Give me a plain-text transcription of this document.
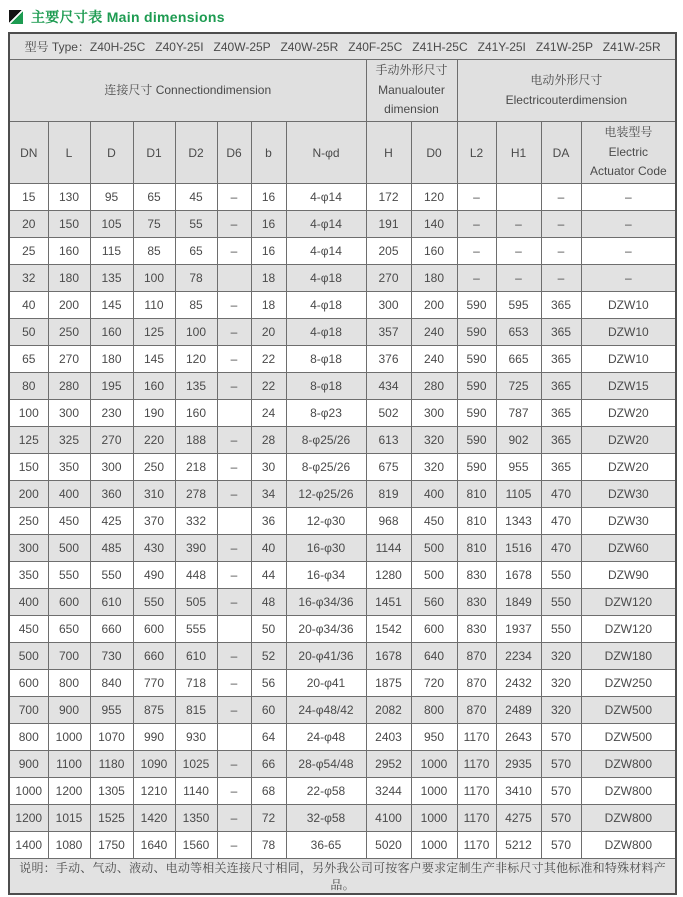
主要尺寸表 Main dimensions
型号 Type：Z40H-25C   Z40Y-25I   Z40W-25P   Z40W-25R   Z40F-25C   Z41H-25C   Z41Y-25I   Z41W-25P   Z41W-25R													

连接尺寸 Connectiondimension

手动外形尺寸
Manualouter
dimension

电动外形尺寸
Electricouterdimension

DN	L	D	D1	D2	D6	b	N-φd	H	D0	L2	H1	DA	电装型号
Electric
Actuator Code

15	130	95	65	45	–	16	4-φ14	172	120	–		–	–
20	150	105	75	55	–	16	4-φ14	191	140	–	–	–	–
25	160	115	85	65	–	16	4-φ14	205	160	–	–	–	–
32	180	135	100	78		18	4-φ18	270	180	–	–	–	–
40	200	145	110	85	–	18	4-φ18	300	200	590	595	365	DZW10
50	250	160	125	100	–	20	4-φ18	357	240	590	653	365	DZW10
65	270	180	145	120	–	22	8-φ18	376	240	590	665	365	DZW10
80	280	195	160	135	–	22	8-φ18	434	280	590	725	365	DZW15
100	300	230	190	160		24	8-φ23	502	300	590	787	365	DZW20
125	325	270	220	188	–	28	8-φ25/26	613	320	590	902	365	DZW20
150	350	300	250	218	–	30	8-φ25/26	675	320	590	955	365	DZW20
200	400	360	310	278	–	34	12-φ25/26	819	400	810	1105	470	DZW30
250	450	425	370	332		36	12-φ30	968	450	810	1343	470	DZW30
300	500	485	430	390	–	40	16-φ30	1144	500	810	1516	470	DZW60
350	550	550	490	448	–	44	16-φ34	1280	500	830	1678	550	DZW90
400	600	610	550	505	–	48	16-φ34/36	1451	560	830	1849	550	DZW120
450	650	660	600	555		50	20-φ34/36	1542	600	830	1937	550	DZW120
500	700	730	660	610	–	52	20-φ41/36	1678	640	870	2234	320	DZW180
600	800	840	770	718	–	56	20-φ41	1875	720	870	2432	320	DZW250
700	900	955	875	815	–	60	24-φ48/42	2082	800	870	2489	320	DZW500
800	1000	1070	990	930		64	24-φ48	2403	950	1170	2643	570	DZW500
900	1100	1180	1090	1025	–	66	28-φ54/48	2952	1000	1170	2935	570	DZW800
1000	1200	1305	1210	1140	–	68	22-φ58	3244	1000	1170	3410	570	DZW800
1200	1015	1525	1420	1350	–	72	32-φ58	4100	1000	1170	4275	570	DZW800
1400	1080	1750	1640	1560	–	78	36-65	5020	1000	1170	5212	570	DZW800
说明：手动、气动、液动、电动等相关连接尺寸相同，另外我公司可按客户要求定制生产非标尺寸其他标准和特殊材料产品。													
